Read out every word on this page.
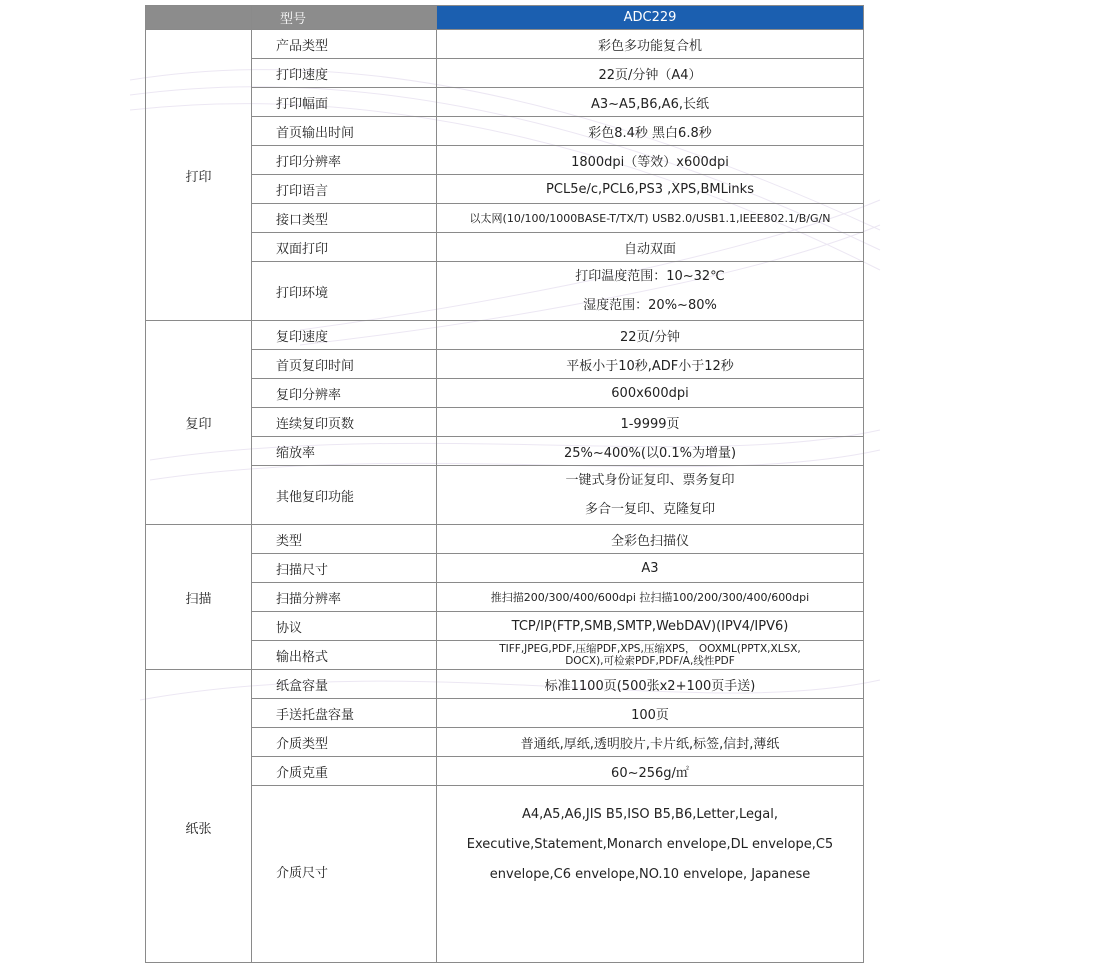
	型号	ADC229
打印	产品类型	彩色多功能复合机
	打印速度	22页/分钟（A4）
	打印幅面	A3~A5,B6,A6,长纸
	首页输出时间	彩色8.4秒 黑白6.8秒
	打印分辨率	1800dpi（等效）x600dpi
	打印语言	PCL5e/c,PCL6,PS3 ,XPS,BMLinks
	接口类型	以太网(10/100/1000BASE-T/TX/T) USB2.0/USB1.1,IEEE802.1/B/G/N
	双面打印	自动双面
	打印环境	打印温度范围：10~32℃
湿度范围：20%~80%

复印	复印速度	22页/分钟
	首页复印时间	平板小于10秒,ADF小于12秒
	复印分辨率	600x600dpi
	连续复印页数	1-9999页
	缩放率	25%~400%(以0.1%为增量)
	其他复印功能	一键式身份证复印、票务复印
多合一复印、克隆复印

扫描	类型	全彩色扫描仪
	扫描尺寸	A3
	扫描分辨率	推扫描200/300/400/600dpi 拉扫描100/200/300/400/600dpi
	协议	TCP/IP(FTP,SMB,SMTP,WebDAV)(IPV4/IPV6)
	输出格式	TIFF,JPEG,PDF,压缩PDF,XPS,压缩XPS， OOXML(PPTX,XLSX,
DOCX),可检索PDF,PDF/A,线性PDF

纸张	纸盒容量	标准1100页(500张x2+100页手送)
	手送托盘容量	100页
	介质类型	普通纸,厚纸,透明胶片,卡片纸,标签,信封,薄纸
	介质克重	60~256g/㎡
	介质尺寸	A4,A5,A6,JIS B5,ISO B5,B6,Letter,Legal,
Executive,Statement,Monarch envelope,DL envelope,C5
envelope,C6 envelope,NO.10 envelope, Japanese
